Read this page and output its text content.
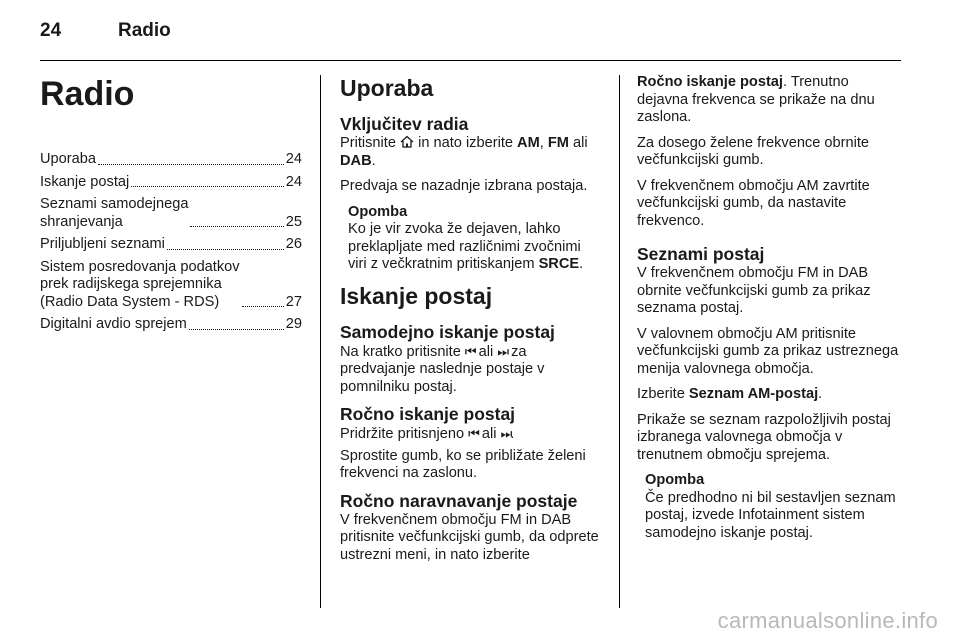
24	Radio
Radio
Uporaba	24
Iskanje postaj	24
Seznami samodejnega
shranjevanja	25
Priljubljeni seznami	26
Sistem posredovanja podatkov
prek radijskega sprejemnika
(Radio Data System - RDS)	27
Digitalni avdio sprejem	29
Uporaba
Vključitev radia

Pritisnite  in nato izberite AM, FM ali DAB.

Predvaja se nazadnje izbrana postaja.

Opomba
Ko je vir zvoka že dejaven, lahko preklapljate med različnimi zvočnimi viri z večkratnim pritiskanjem SRCE.
Iskanje postaj
Samodejno iskanje postaj

Na kratko pritisnite ⏮ ali ⏭ za predvajanje naslednje postaje v pomnilniku postaj.

Ročno iskanje postaj

Pridržite pritisnjeno ⏮ ali ⏭.

Sprostite gumb, ko se približate želeni frekvenci na zaslonu.

Ročno naravnavanje postaje

V frekvenčnem območju FM in DAB pritisnite večfunkcijski gumb, da odprete ustrezni meni, in nato izberite

Ročno iskanje postaj. Trenutno dejavna frekvenca se prikaže na dnu zaslona.

Za dosego želene frekvence obrnite večfunkcijski gumb.

V frekvenčnem območju AM zavrtite večfunkcijski gumb, da nastavite frekvenco.

Seznami postaj

V frekvenčnem območju FM in DAB obrnite večfunkcijski gumb za prikaz seznama postaj.

V valovnem območju AM pritisnite večfunkcijski gumb za prikaz ustreznega menija valovnega območja.

Izberite Seznam AM-postaj.

Prikaže se seznam razpoložljivih postaj izbranega valovnega območja v trenutnem območju sprejema.

Opomba
Če predhodno ni bil sestavljen seznam postaj, izvede Infotainment sistem samodejno iskanje postaj.
carmanualsonline.info
